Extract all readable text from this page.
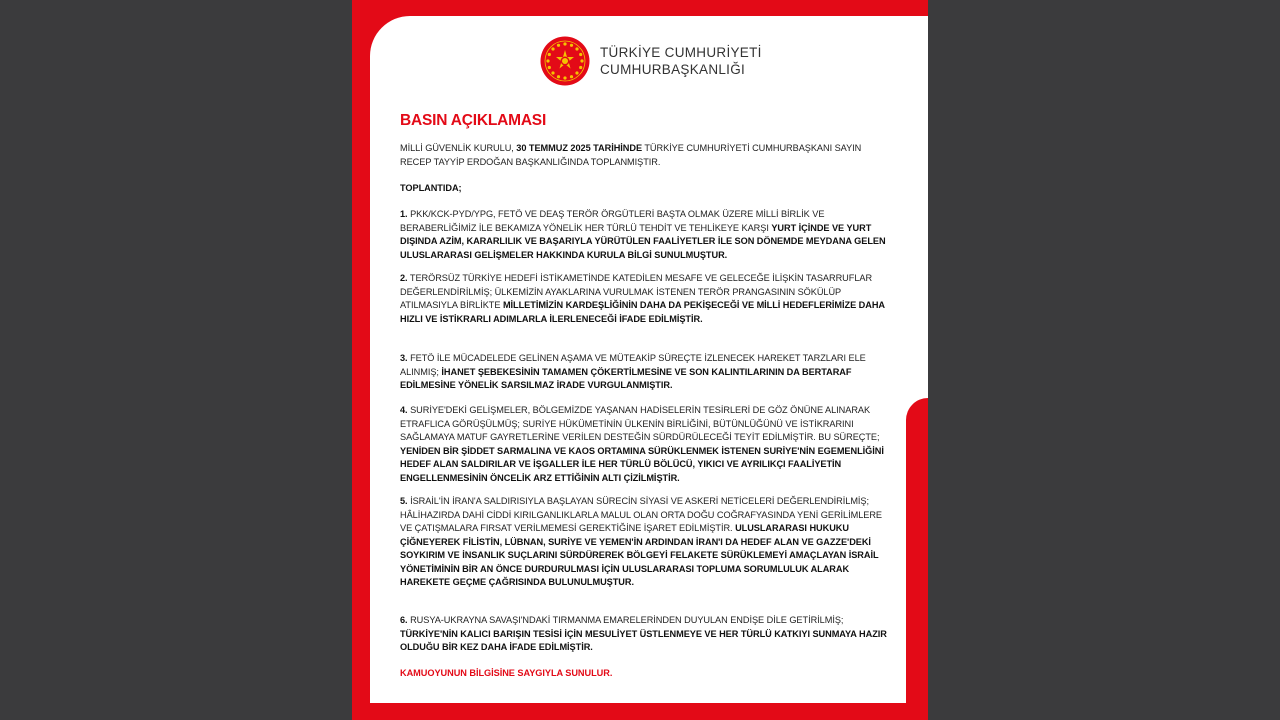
TÜRKİYE CUMHURİYETİ
CUMHURBAŞKANLIĞI
BASIN AÇIKLAMASI
MİLLİ GÜVENLİK KURULU, 30 TEMMUZ 2025 TARİHİNDE TÜRKİYE CUMHURİYETİ CUMHURBAŞKANI SAYIN RECEP TAYYİP ERDOĞAN BAŞKANLIĞINDA TOPLANMIŞTIR.
TOPLANTIDA;
1. PKK/KCK-PYD/YPG, FETÖ VE DEAŞ TERÖR ÖRGÜTLERİ BAŞTA OLMAK ÜZERE MİLLİ BİRLİK VE BERABERLİĞİMİZ İLE BEKAMIZA YÖNELİK HER TÜRLÜ TEHDİT VE TEHLİKEYE KARŞI YURT İÇİNDE VE YURT DIŞINDA AZİM, KARARLILIK VE BAŞARIYLA YÜRÜTÜLEN FAALİYETLER İLE SON DÖNEMDE MEYDANA GELEN ULUSLARARASI GELİŞMELER HAKKINDA KURULA BİLGİ SUNULMUŞTUR.
2. TERÖRSÜZ TÜRKİYE HEDEFİ İSTİKAMETİNDE KATEDİLEN MESAFE VE GELECEĞE İLİŞKİN TASARRUFLAR DEĞERLENDİRİLMİŞ; ÜLKEMİZİN AYAKLARINA VURULMAK İSTENEN TERÖR PRANGASININ SÖKÜLÜP ATILMASIYLA BİRLİKTE MİLLETİMİZİN KARDEŞLİĞİNİN DAHA DA PEKİŞECEĞİ VE MİLLİ HEDEFLERİMİZE DAHA HIZLI VE İSTİKRARLI ADIMLARLA İLERLENECEĞİ İFADE EDİLMİŞTİR.
3. FETÖ İLE MÜCADELEDE GELİNEN AŞAMA VE MÜTEAKİP SÜREÇTE İZLENECEK HAREKET TARZLARI ELE ALINMIŞ; İHANET ŞEBEKESİNİN TAMAMEN ÇÖKERTİLMESİNE VE SON KALINTILARININ DA BERTARAF EDİLMESİNE YÖNELİK SARSILMAZ İRADE VURGULANMIŞTIR.
4. SURİYE'DEKİ GELİŞMELER, BÖLGEMİZDE YAŞANAN HADİSELERİN TESİRLERİ DE GÖZ ÖNÜNE ALINARAK ETRAFLICA GÖRÜŞÜLMÜŞ; SURİYE HÜKÜMETİNİN ÜLKENİN BİRLİĞİNİ, BÜTÜNLÜĞÜNÜ VE İSTİKRARINI SAĞLAMAYA MATUF GAYRETLERİNE VERİLEN DESTEĞİN SÜRDÜRÜLECEĞİ TEYİT EDİLMİŞTİR. BU SÜREÇTE; YENİDEN BİR ŞİDDET SARMALINA VE KAOS ORTAMINA SÜRÜKLENMEK İSTENEN SURİYE'NİN EGEMENLİĞİNİ HEDEF ALAN SALDIRILAR VE İŞGALLER İLE HER TÜRLÜ BÖLÜCÜ, YIKICI VE AYRILIKÇI FAALİYETİN ENGELLENMESİNİN ÖNCELİK ARZ ETTİĞİNİN ALTI ÇİZİLMİŞTİR.
5. İSRAİL'İN İRAN'A SALDIRISIYLA BAŞLAYAN SÜRECİN SİYASİ VE ASKERİ NETİCELERİ DEĞERLENDİRİLMİŞ; HÂLİHAZIRDA DAHİ CİDDİ KIRILGANLIKLARLA MALUL OLAN ORTA DOĞU COĞRAFYASINDA YENİ GERİLİMLERE VE ÇATIŞMALARA FIRSAT VERİLMEMESİ GEREKTİĞİNE İŞARET EDİLMİŞTİR. ULUSLARARASI HUKUKU ÇİĞNEYEREK FİLİSTİN, LÜBNAN, SURİYE VE YEMEN'İN ARDINDAN İRAN'I DA HEDEF ALAN VE GAZZE'DEKİ SOYKIRIM VE İNSANLIK SUÇLARINI SÜRDÜREREK BÖLGEYİ FELAKETE SÜRÜKLEMEYİ AMAÇLAYAN İSRAİL YÖNETİMİNİN BİR AN ÖNCE DURDURULMASI İÇİN ULUSLARARASI TOPLUMA SORUMLULUK ALARAK HAREKETE GEÇME ÇAĞRISINDA BULUNULMUŞTUR.
6. RUSYA-UKRAYNA SAVAŞI'NDAKİ TIRMANMA EMARELERİNDEN DUYULAN ENDİŞE DİLE GETİRİLMİŞ; TÜRKİYE'NİN KALICI BARIŞIN TESİSİ İÇİN MESULİYET ÜSTLENMEYE VE HER TÜRLÜ KATKIYI SUNMAYA HAZIR OLDUĞU BİR KEZ DAHA İFADE EDİLMİŞTİR.
KAMUOYUNUN BİLGİSİNE SAYGIYLA SUNULUR.
